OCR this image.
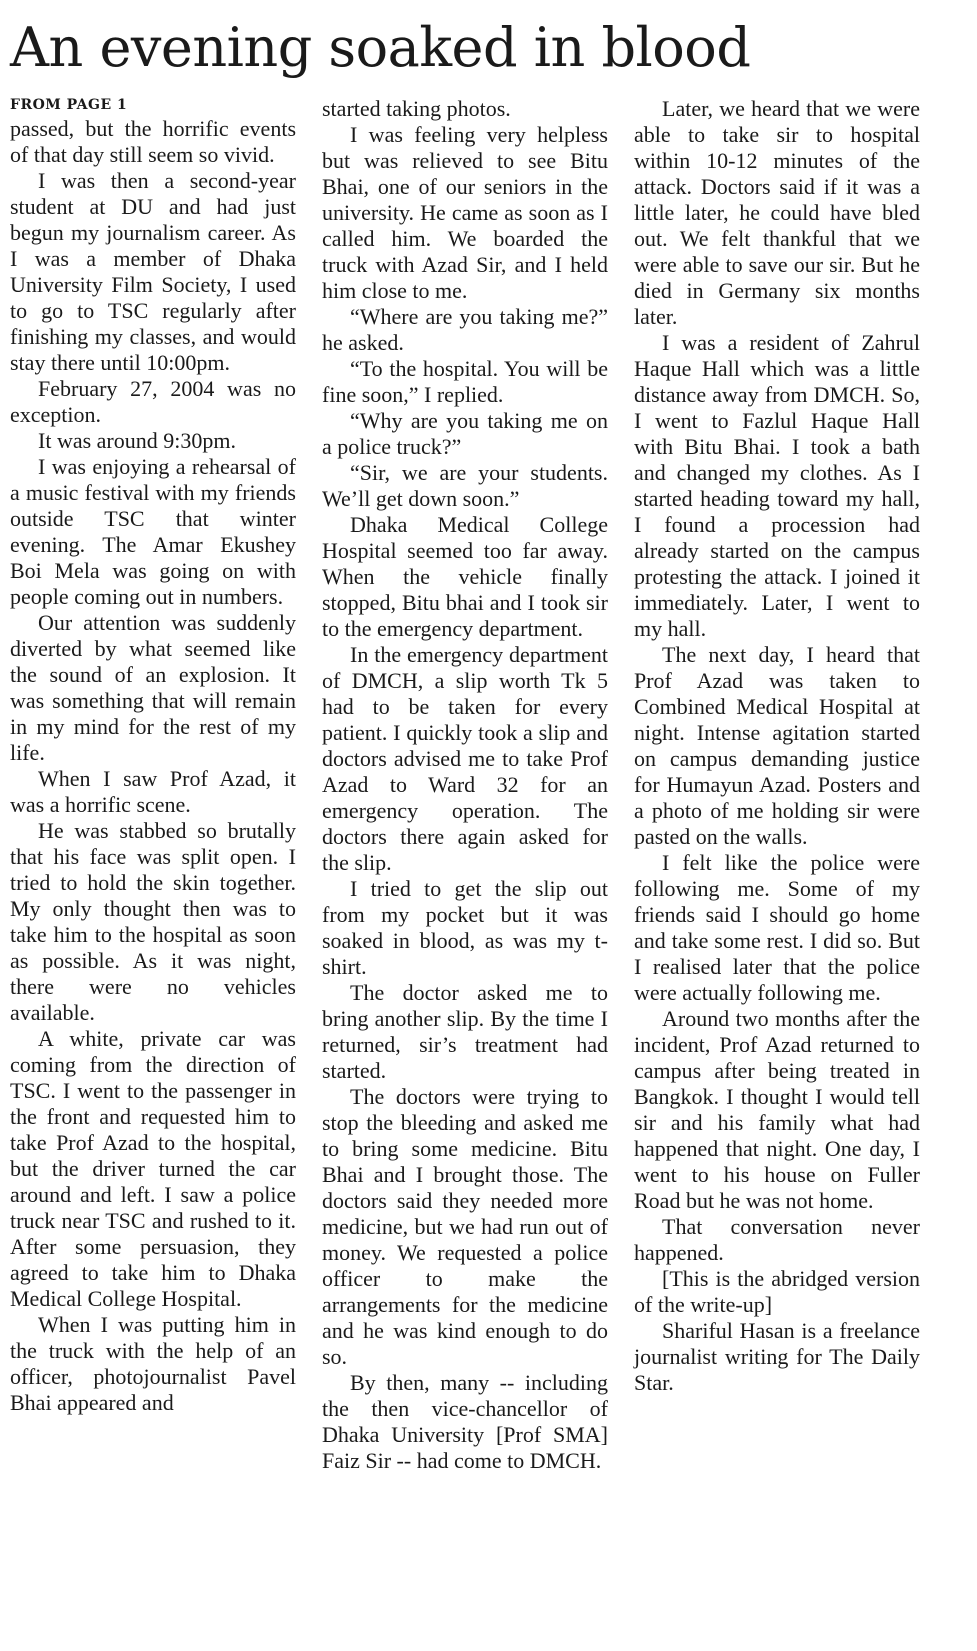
An evening soaked in blood
FROM PAGE 1

passed, but the horrific events of that day still seem so vivid.

I was then a second-year student at DU and had just begun my journalism career. As I was a member of Dhaka University Film Society, I used to go to TSC regularly after finishing my classes, and would stay there until 10:00pm.

February 27, 2004 was no exception.

It was around 9:30pm.

I was enjoying a rehearsal of a music festival with my friends outside TSC that winter evening. The Amar Ekushey Boi Mela was going on with people coming out in numbers.

Our attention was suddenly diverted by what seemed like the sound of an explosion. It was something that will remain in my mind for the rest of my life.

When I saw Prof Azad, it was a horrific scene.

He was stabbed so brutally that his face was split open. I tried to hold the skin together. My only thought then was to take him to the hospital as soon as possible. As it was night, there were no vehicles available.

A white, private car was coming from the direction of TSC. I went to the passenger in the front and requested him to take Prof Azad to the hospital, but the driver turned the car around and left. I saw a police truck near TSC and rushed to it. After some persuasion, they agreed to take him to Dhaka Medical College Hospital.

When I was putting him in the truck with the help of an officer, photojournalist Pavel Bhai appeared and

started taking photos.

I was feeling very helpless but was relieved to see Bitu Bhai, one of our seniors in the university. He came as soon as I called him. We boarded the truck with Azad Sir, and I held him close to me.

“Where are you taking me?” he asked.

“To the hospital. You will be fine soon,” I replied.

“Why are you taking me on a police truck?”

“Sir, we are your students. We’ll get down soon.”

Dhaka Medical College Hospital seemed too far away. When the vehicle finally stopped, Bitu bhai and I took sir to the emergency department.

In the emergency department of DMCH, a slip worth Tk 5 had to be taken for every patient. I quickly took a slip and doctors advised me to take Prof Azad to Ward 32 for an emergency operation. The doctors there again asked for the slip.

I tried to get the slip out from my pocket but it was soaked in blood, as was my t-shirt.

The doctor asked me to bring another slip. By the time I returned, sir’s treatment had started.

The doctors were trying to stop the bleeding and asked me to bring some medicine. Bitu Bhai and I brought those. The doctors said they needed more medicine, but we had run out of money. We requested a police officer to make the arrangements for the medicine and he was kind enough to do so.

By then, many -- including the then vice-chancellor of Dhaka University [Prof SMA] Faiz Sir -- had come to DMCH.

Later, we heard that we were able to take sir to hospital within 10-12 minutes of the attack. Doctors said if it was a little later, he could have bled out. We felt thankful that we were able to save our sir. But he died in Germany six months later.

I was a resident of Zahrul Haque Hall which was a little distance away from DMCH. So, I went to Fazlul Haque Hall with Bitu Bhai. I took a bath and changed my clothes. As I started heading toward my hall, I found a procession had already started on the campus protesting the attack. I joined it immediately. Later, I went to my hall.

The next day, I heard that Prof Azad was taken to Combined Medical Hospital at night. Intense agitation started on campus demanding justice for Humayun Azad. Posters and a photo of me holding sir were pasted on the walls.

I felt like the police were following me. Some of my friends said I should go home and take some rest. I did so. But I realised later that the police were actually following me.

Around two months after the incident, Prof Azad returned to campus after being treated in Bangkok. I thought I would tell sir and his family what had happened that night. One day, I went to his house on Fuller Road but he was not home.

That conversation never happened.

[This is the abridged version of the write-up]

Shariful Hasan is a freelance journalist writing for The Daily Star.
